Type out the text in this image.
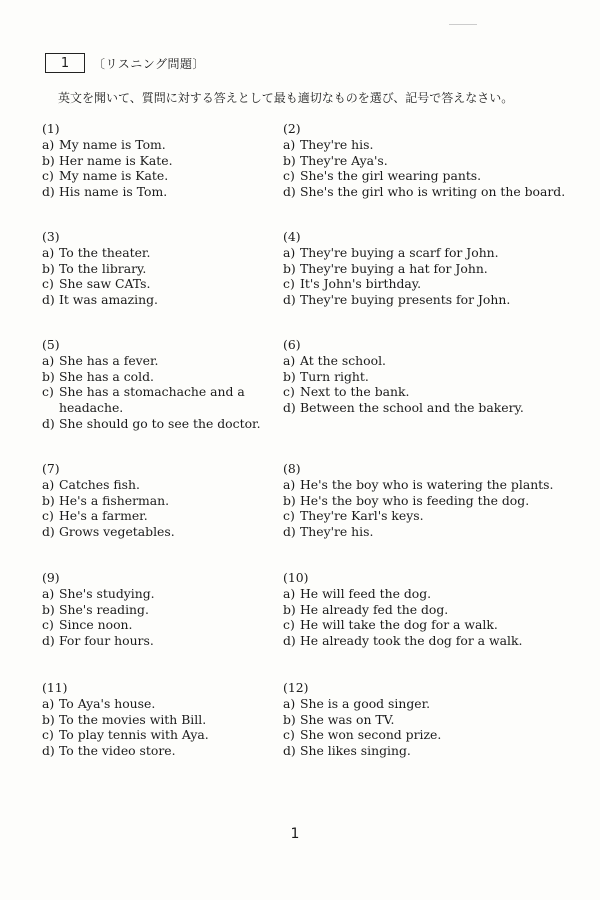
1	〔リスニング問題〕
英文を聞いて、質問に対する答えとして最も適切なものを選び、記号で答えなさい。
(1)
a) My name is Tom.
b) Her name is Kate.
c) My name is Kate.
d) His name is Tom.
(2)
a) They're his.
b) They're Aya's.
c) She's the girl wearing pants.
d) She's the girl who is writing on the board.
(3)
a) To the theater.
b) To the library.
c) She saw CATs.
d) It was amazing.
(4)
a) They're buying a scarf for John.
b) They're buying a hat for John.
c) It's John's birthday.
d) They're buying presents for John.
(5)
a) She has a fever.
b) She has a cold.
c) She has a stomachache and a headache.
d) She should go to see the doctor.
(6)
a) At the school.
b) Turn right.
c) Next to the bank.
d) Between the school and the bakery.
(7)
a) Catches fish.
b) He's a fisherman.
c) He's a farmer.
d) Grows vegetables.
(8)
a) He's the boy who is watering the plants.
b) He's the boy who is feeding the dog.
c) They're Karl's keys.
d) They're his.
(9)
a) She's studying.
b) She's reading.
c) Since noon.
d) For four hours.
(10)
a) He will feed the dog.
b) He already fed the dog.
c) He will take the dog for a walk.
d) He already took the dog for a walk.
(11)
a) To Aya's house.
b) To the movies with Bill.
c) To play tennis with Aya.
d) To the video store.
(12)
a) She is a good singer.
b) She was on TV.
c) She won second prize.
d) She likes singing.
1
